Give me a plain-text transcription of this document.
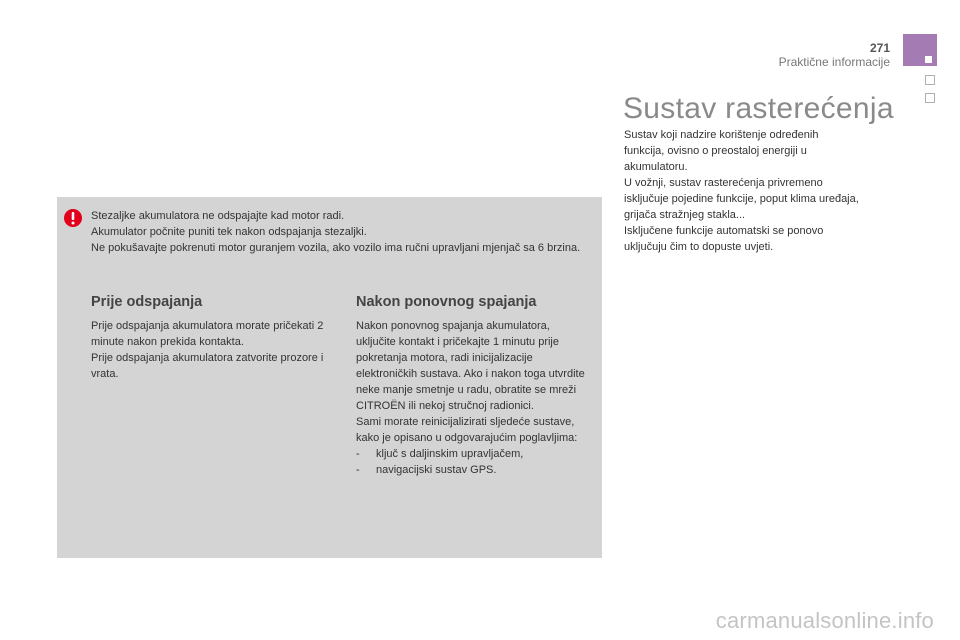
271
Praktične informacije
Sustav rasterećenja

Sustav koji nadzire korištenje određenih funkcija, ovisno o preostaloj energiji u akumulatoru.

U vožnji, sustav rasterećenja privremeno isključuje pojedine funkcije, poput klima uređaja, grijača stražnjeg stakla...

Isključene funkcije automatski se ponovo uključuju čim to dopuste uvjeti.

Stezaljke akumulatora ne odspajajte kad motor radi.

Akumulator počnite puniti tek nakon odspajanja stezaljki.

Ne pokušavajte pokrenuti motor guranjem vozila, ako vozilo ima ručni upravljani mjenjač sa 6 brzina.

Prije odspajanja

Prije odspajanja akumulatora morate pričekati 2 minute nakon prekida kontakta.

Prije odspajanja akumulatora zatvorite prozore i vrata.

Nakon ponovnog spajanja

Nakon ponovnog spajanja akumulatora, uključite kontakt i pričekajte 1 minutu prije pokretanja motora, radi inicijalizacije elektroničkih sustava. Ako i nakon toga utvrdite neke manje smetnje u radu, obratite se mreži CITROËN ili nekoj stručnoj radionici.

Sami morate reinicijalizirati sljedeće sustave, kako je opisano u odgovarajućim poglavljima:

-	ključ s daljinskim upravljačem,
-	navigacijski sustav GPS.
carmanualsonline.info
